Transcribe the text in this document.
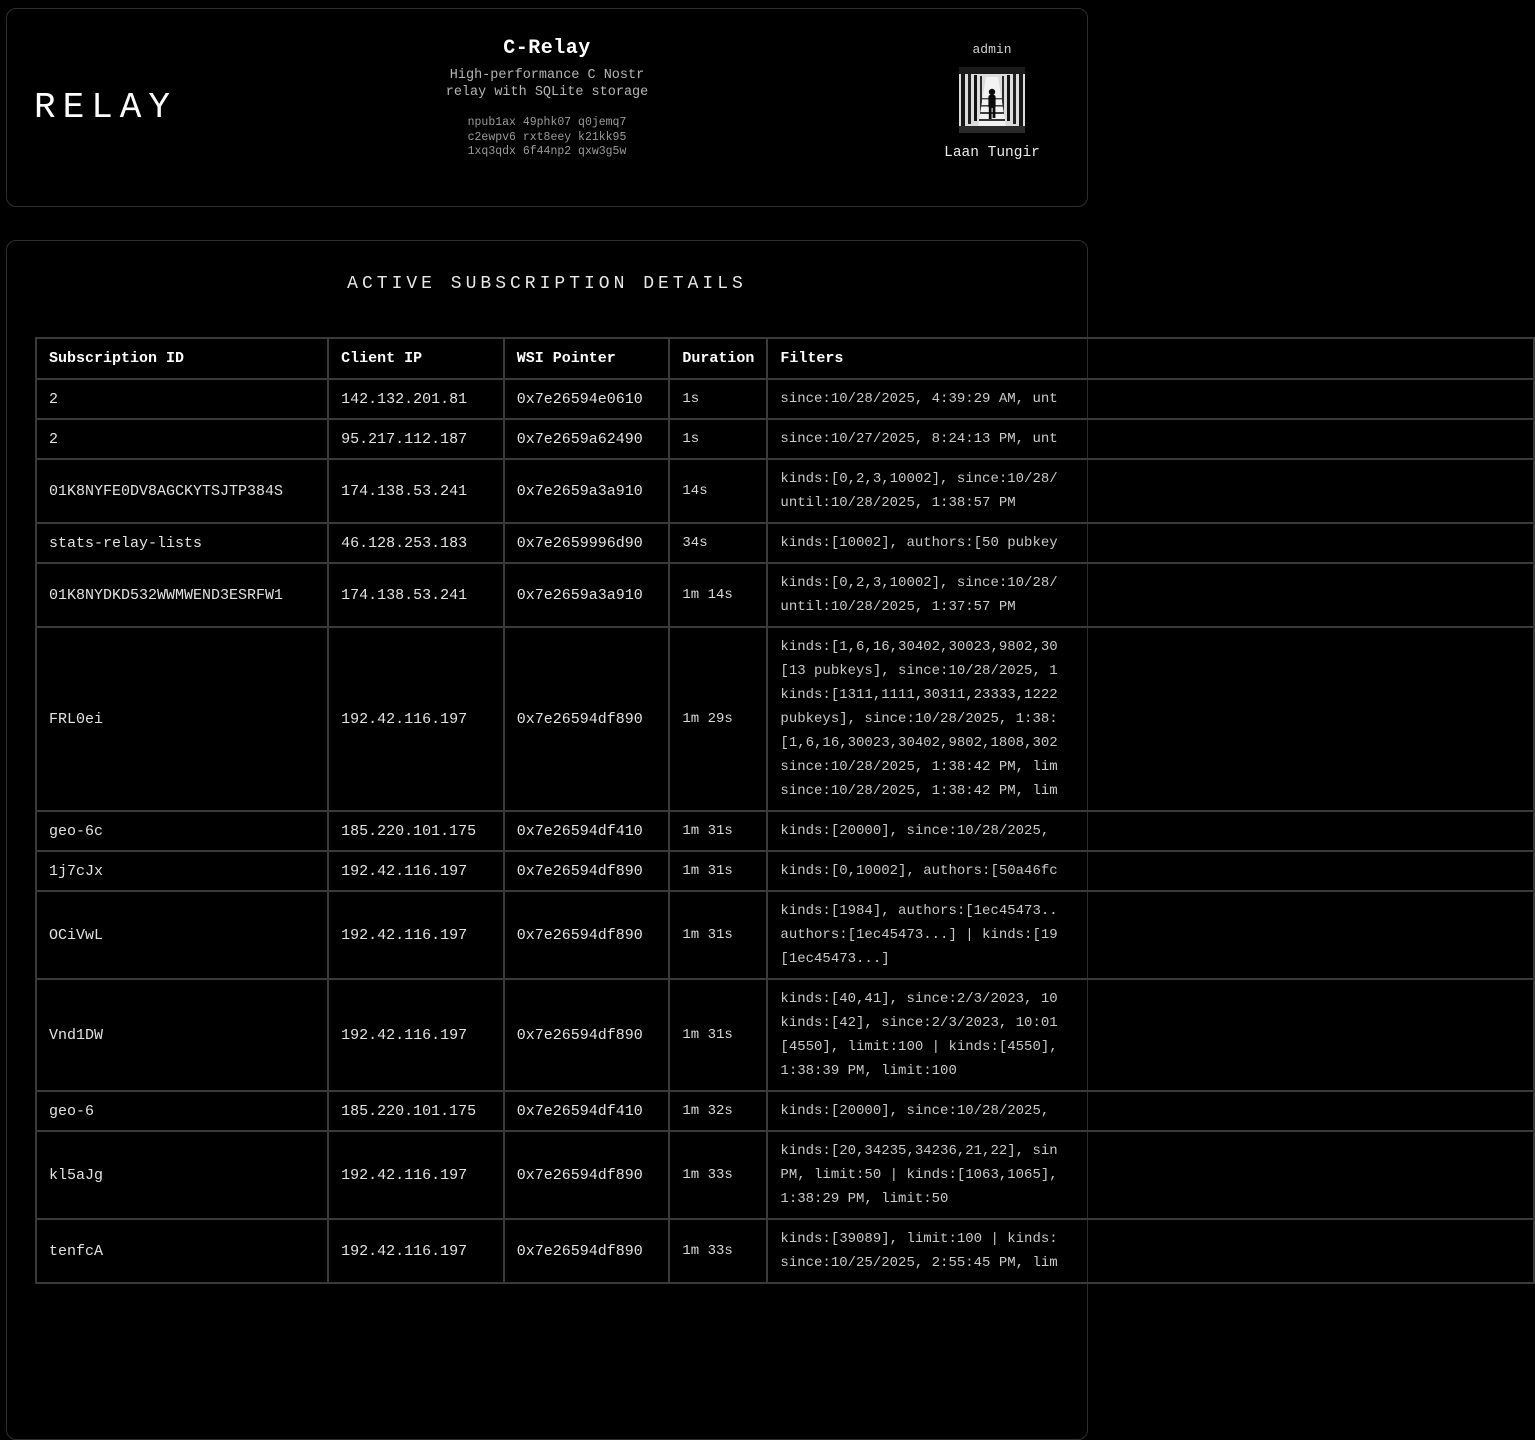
RELAY
C-Relay
High-performance C Nostr relay with SQLite storage
npub1ax 49phk07 q0jemq7
c2ewpv6 rxt8eey k21kk95
1xq3qdx 6f44np2 qxw3g5w
admin
Laan Tungir
ACTIVE SUBSCRIPTION DETAILS
Subscription ID	Client IP	WSI Pointer	Duration	Filters
2	142.132.201.81	0x7e26594e0610	1s	since:10/28/2025, 4:39:29 AM, unt

2	95.217.112.187	0x7e2659a62490	1s	since:10/27/2025, 8:24:13 PM, unt

01K8NYFE0DV8AGCKYTSJTP384S	174.138.53.241	0x7e2659a3a910	14s	kinds:[0,2,3,10002], since:10/28/
until:10/28/2025, 1:38:57 PM

stats-relay-lists	46.128.253.183	0x7e2659996d90	34s	kinds:[10002], authors:[50 pubkey

01K8NYDKD532WWMWEND3ESRFW1	174.138.53.241	0x7e2659a3a910	1m 14s	kinds:[0,2,3,10002], since:10/28/
until:10/28/2025, 1:37:57 PM

FRL0ei	192.42.116.197	0x7e26594df890	1m 29s	
kinds:[1,6,16,30402,30023,9802,30
[13 pubkeys], since:10/28/2025, 1
kinds:[1311,1111,30311,23333,1222
pubkeys], since:10/28/2025, 1:38:
[1,6,16,30023,30402,9802,1808,302
since:10/28/2025, 1:38:42 PM, lim
since:10/28/2025, 1:38:42 PM, lim

geo-6c	185.220.101.175	0x7e26594df410	1m 31s	kinds:[20000], since:10/28/2025,

1j7cJx	192.42.116.197	0x7e26594df890	1m 31s	kinds:[0,10002], authors:[50a46fc

OCiVwL	192.42.116.197	0x7e26594df890	1m 31s	kinds:[1984], authors:[1ec45473..
authors:[1ec45473...] | kinds:[19
[1ec45473...]

Vnd1DW	192.42.116.197	0x7e26594df890	1m 31s	kinds:[40,41], since:2/3/2023, 10
kinds:[42], since:2/3/2023, 10:01
[4550], limit:100 | kinds:[4550],
1:38:39 PM, limit:100

geo-6	185.220.101.175	0x7e26594df410	1m 32s	kinds:[20000], since:10/28/2025,

kl5aJg	192.42.116.197	0x7e26594df890	1m 33s	kinds:[20,34235,34236,21,22], sin
PM, limit:50 | kinds:[1063,1065],
1:38:29 PM, limit:50

tenfcA	192.42.116.197	0x7e26594df890	1m 33s	kinds:[39089], limit:100 | kinds:
since:10/25/2025, 2:55:45 PM, lim
